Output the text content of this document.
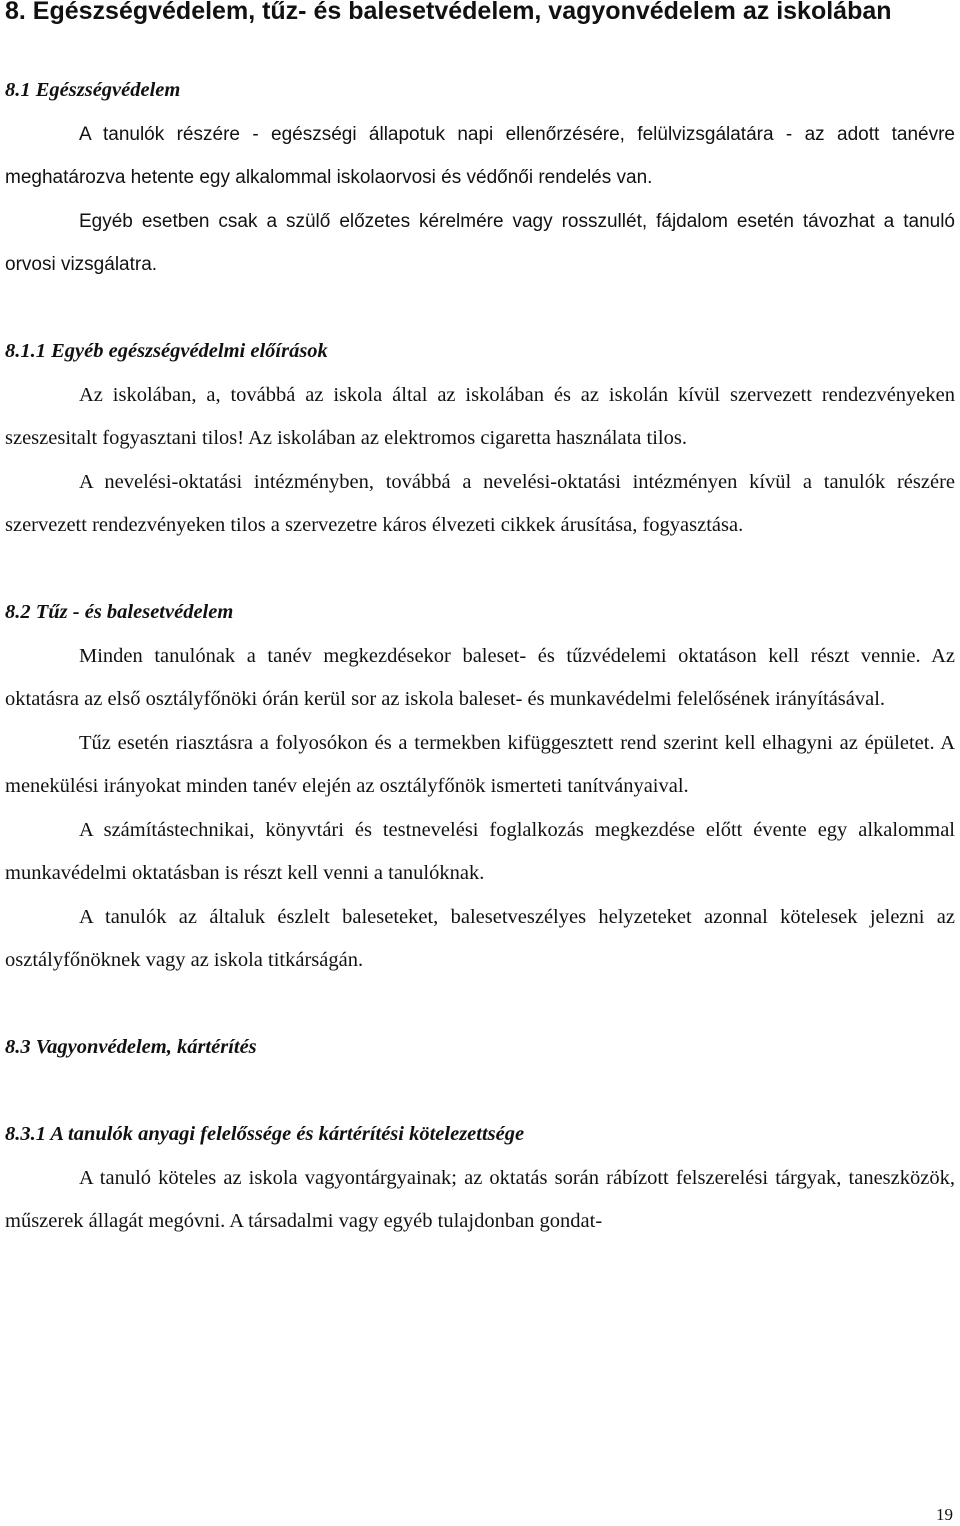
8. Egészségvédelem, tűz- és balesetvédelem, vagyonvédelem az iskolában
8.1 Egészségvédelem

A tanulók részére - egészségi állapotuk napi ellenőrzésére, felülvizsgálatára - az adott tanévre meghatározva hetente egy alkalommal iskolaorvosi és védőnői rendelés van.

Egyéb esetben csak a szülő előzetes kérelmére vagy rosszullét, fájdalom esetén távozhat a tanuló orvosi vizsgálatra.

8.1.1 Egyéb egészségvédelmi előírások

Az iskolában, a, továbbá az iskola által az iskolában és az iskolán kívül szervezett rendezvényeken szeszesitalt fogyasztani tilos! Az iskolában az elektromos cigaretta használata tilos.

A nevelési-oktatási intézményben, továbbá a nevelési-oktatási intézményen kívül a tanulók részére szervezett rendezvényeken tilos a szervezetre káros élvezeti cikkek árusítása, fogyasztása.

8.2 Tűz - és balesetvédelem

Minden tanulónak a tanév megkezdésekor baleset- és tűzvédelemi oktatáson kell részt vennie. Az oktatásra az első osztályfőnöki órán kerül sor az iskola baleset- és munkavédelmi felelősének irányításával.

Tűz esetén riasztásra a folyosókon és a termekben kifüggesztett rend szerint kell elhagyni az épületet. A menekülési irányokat minden tanév elején az osztályfőnök ismerteti tanítványaival.

A számítástechnikai, könyvtári és testnevelési foglalkozás megkezdése előtt évente egy alkalommal munkavédelmi oktatásban is részt kell venni a tanulóknak.

A tanulók az általuk észlelt baleseteket, balesetveszélyes helyzeteket azonnal kötelesek jelezni az osztályfőnöknek vagy az iskola titkárságán.

8.3 Vagyonvédelem, kártérítés
8.3.1 A tanulók anyagi felelőssége és kártérítési kötelezettsége

A tanuló köteles az iskola vagyontárgyainak; az oktatás során rábízott felszerelési tárgyak, taneszközök, műszerek állagát megóvni. A társadalmi vagy egyéb tulajdonban gondat-

19
